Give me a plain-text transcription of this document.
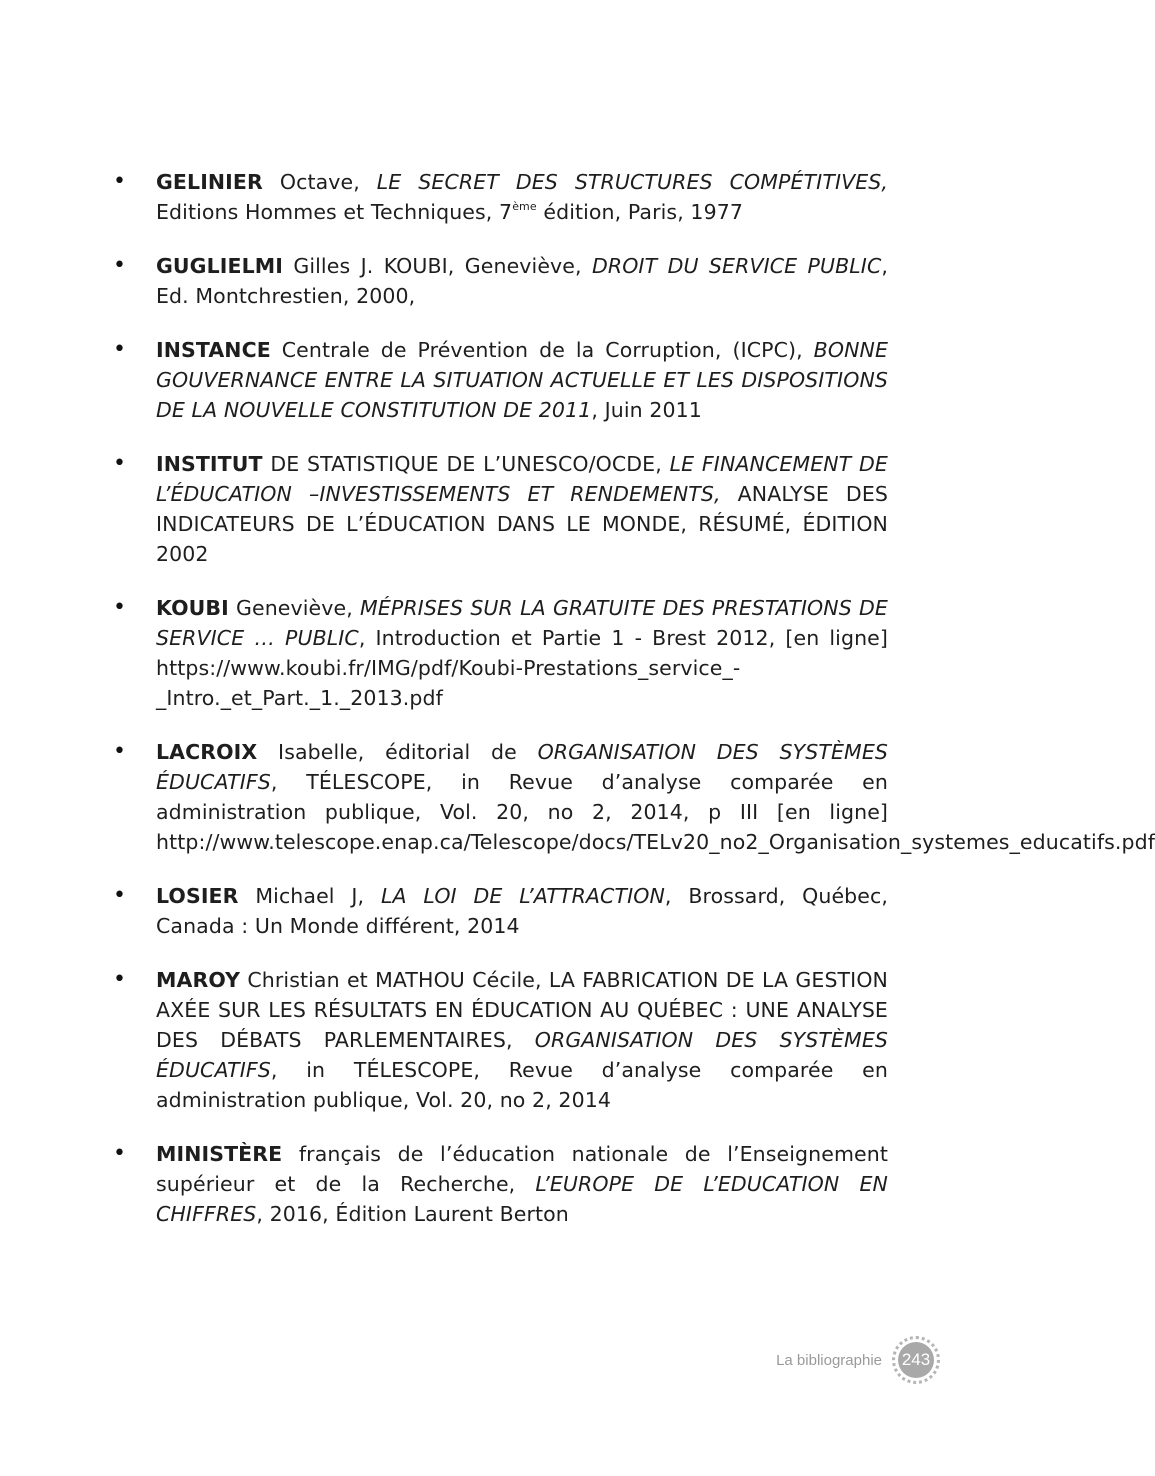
• GELINIER Octave, LE SECRET DES STRUCTURES COMPÉTITIVES, Editions Hommes et Techniques, 7ème édition, Paris, 1977
• GUGLIELMI Gilles J. KOUBI, Geneviève, DROIT DU SERVICE PUBLIC, Ed. Montchrestien, 2000,
• INSTANCE Centrale de Prévention de la Corruption, (ICPC), BONNE GOUVERNANCE ENTRE LA SITUATION ACTUELLE ET LES DISPOSITIONS DE LA NOUVELLE CONSTITUTION DE 2011, Juin 2011
• INSTITUT DE STATISTIQUE DE L’UNESCO/OCDE, LE FINANCEMENT DE L’ÉDUCATION –INVESTISSEMENTS ET RENDEMENTS, ANALYSE DES INDICATEURS DE L’ÉDUCATION DANS LE MONDE, RÉSUMÉ, ÉDITION 2002
• KOUBI Geneviève, MÉPRISES SUR LA GRATUITE DES PRESTATIONS DE SERVICE … PUBLIC, Introduction et Partie 1 - Brest 2012, [en ligne] https://www.koubi.fr/IMG/pdf/Koubi-Prestations_service_-_Intro._et_Part._1._2013.pdf
• LACROIX Isabelle, éditorial de ORGANISATION DES SYSTÈMES ÉDUCATIFS, TÉLESCOPE, in Revue d’analyse comparée en administration publique, Vol. 20, no 2, 2014, p III [en ligne] http://www.telescope.enap.ca/Telescope/docs/TELv20_no2_Organisation_systemes_educatifs.pdf
• LOSIER Michael J, LA LOI DE L’ATTRACTION, Brossard, Québec, Canada : Un Monde différent, 2014
• MAROY Christian et MATHOU Cécile, LA FABRICATION DE LA GESTION AXÉE SUR LES RÉSULTATS EN ÉDUCATION AU QUÉBEC : UNE ANALYSE DES DÉBATS PARLEMENTAIRES, ORGANISATION DES SYSTÈMES ÉDUCATIFS, in TÉLESCOPE, Revue d’analyse comparée en administration publique, Vol. 20, no 2, 2014
• MINISTÈRE français de l’éducation nationale de l’Enseignement supérieur et de la Recherche, L’EUROPE DE L’EDUCATION EN CHIFFRES, 2016, Édition Laurent Berton
La bibliographie 243
